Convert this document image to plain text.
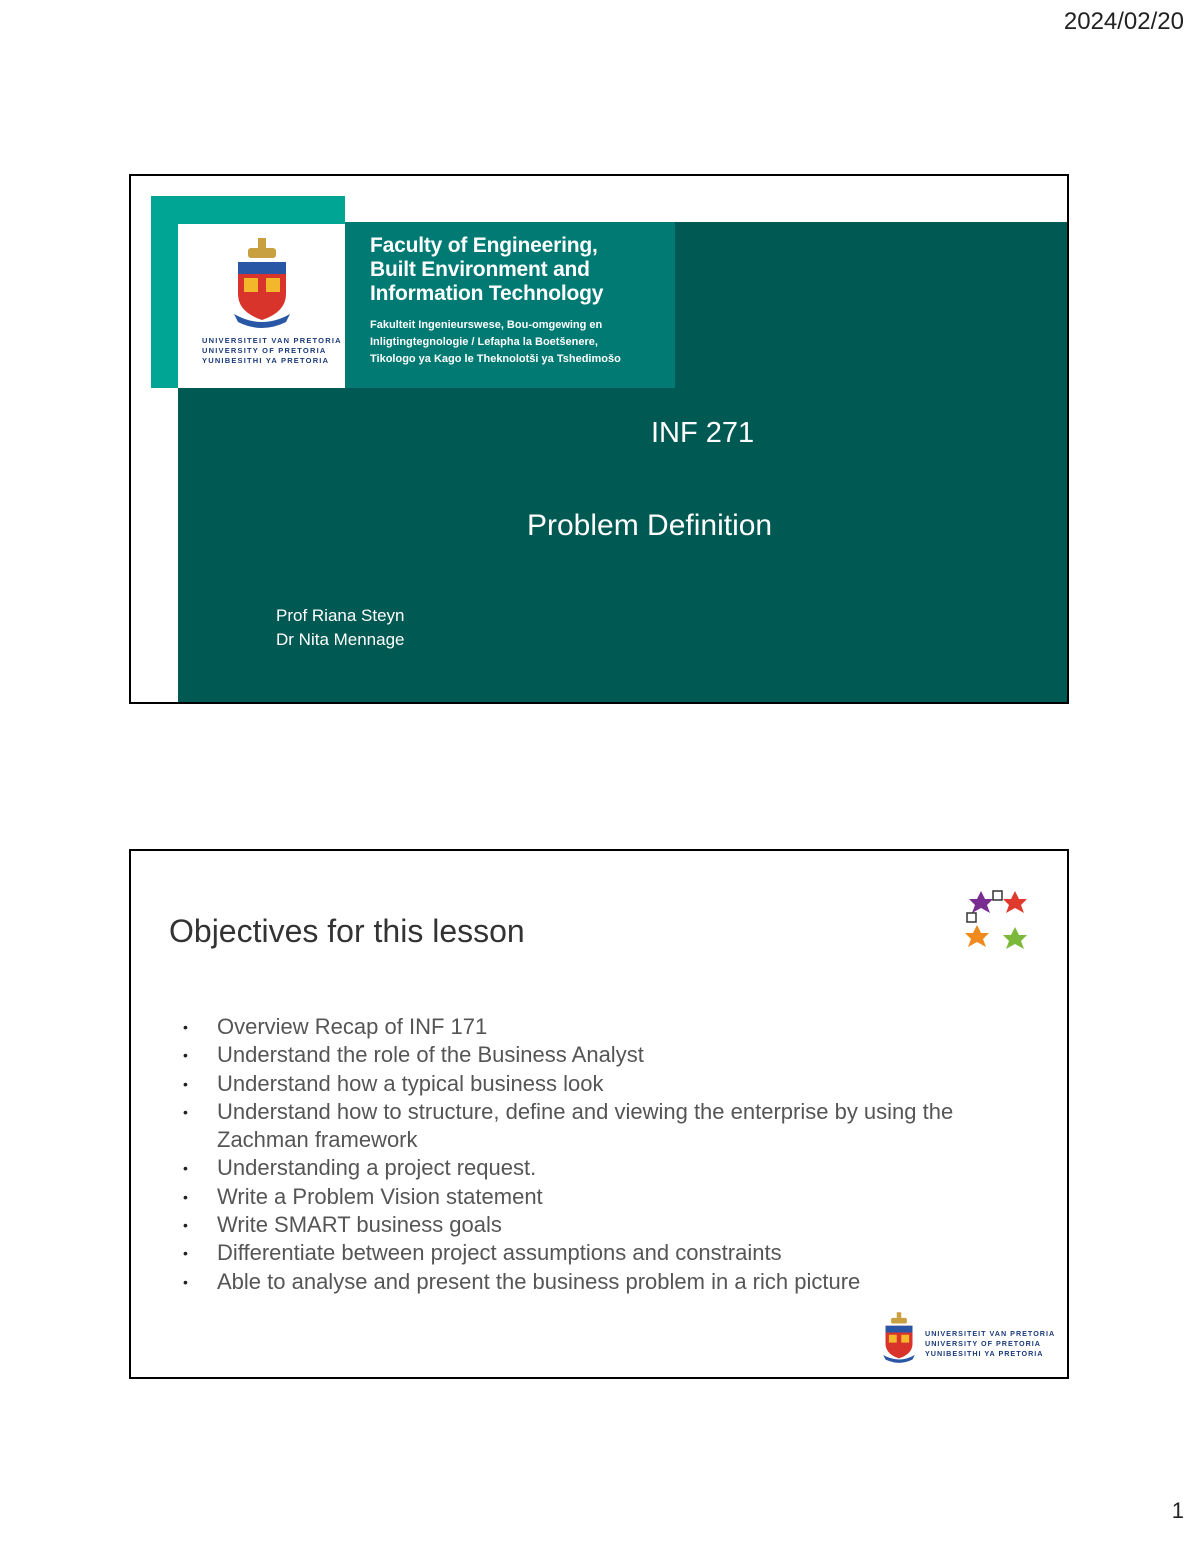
2024/02/20
UNIVERSITEIT VAN PRETORIA
UNIVERSITY OF PRETORIA
YUNIBESITHI YA PRETORIA
Faculty of Engineering,
Built Environment and
Information Technology
Fakulteit Ingenieurswese, Bou-omgewing en
Inligtingtegnologie / Lefapha la Boetšenere,
Tikologo ya Kago le Theknolotši ya Tshedimošo
INF 271
Problem Definition
Prof Riana Steyn
Dr Nita Mennage
Objectives for this lesson
• Overview Recap of INF 171
• Understand the role of the Business Analyst
• Understand how a typical business look
• Understand how to structure, define and viewing the enterprise by using the Zachman framework
• Understanding a project request.
• Write a Problem Vision statement
• Write SMART business goals
• Differentiate between project assumptions and constraints
• Able to analyse and present the business problem in a rich picture
UNIVERSITEIT VAN PRETORIA
UNIVERSITY OF PRETORIA
YUNIBESITHI YA PRETORIA
1
